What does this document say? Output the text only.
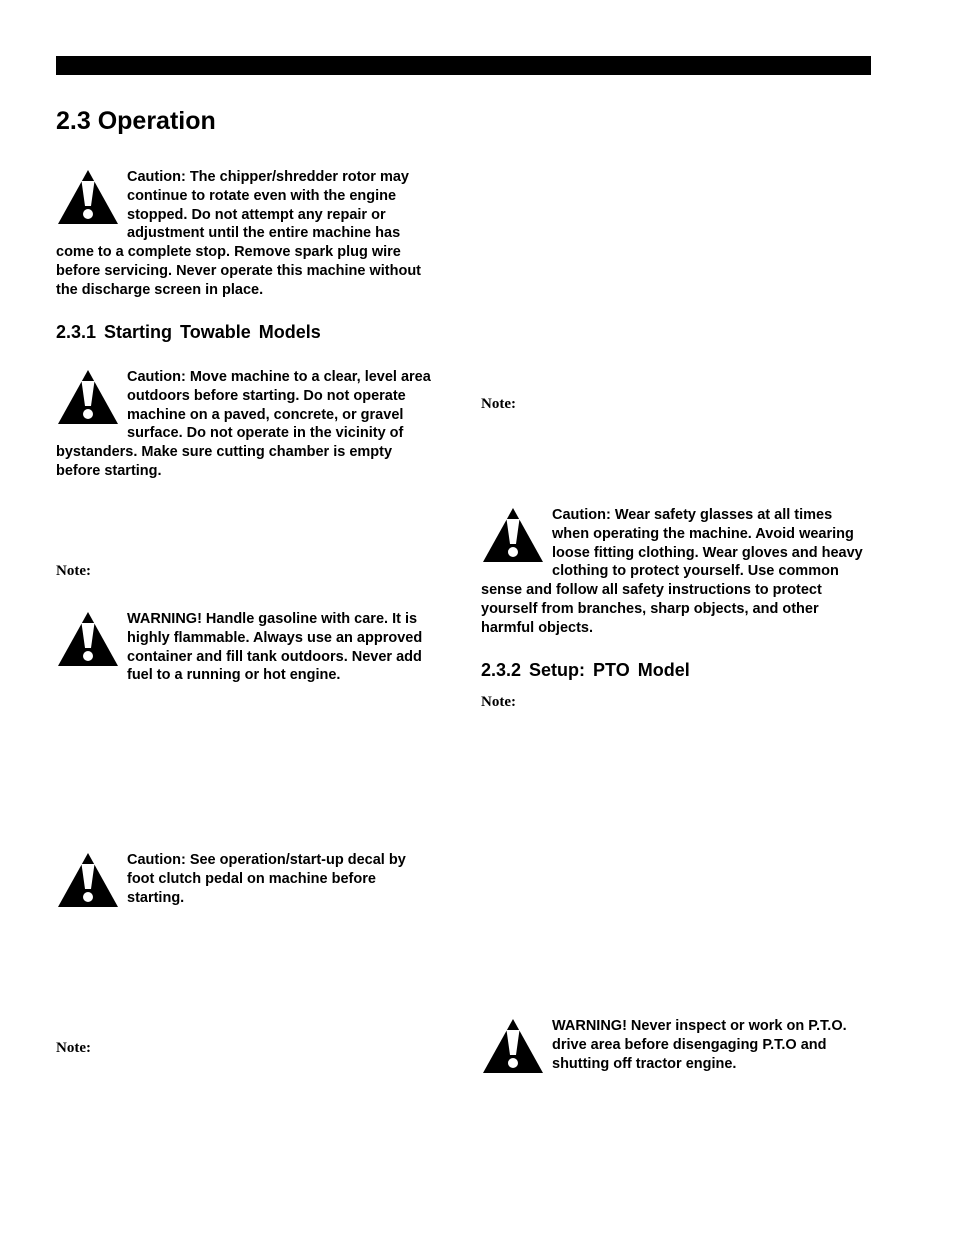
2.3 Operation

Caution: The chipper/shredder rotor may continue to rotate even with the engine stopped. Do not attempt any repair or adjustment until the entire machine has come to a complete stop. Remove spark plug wire before servicing. Never operate this machine without the discharge screen in place.

2.3.1 Starting Towable Models

Caution: Move machine to a clear, level area outdoors before starting. Do not operate machine on a paved, concrete, or gravel surface. Do not operate in the vicinity of bystanders. Make sure cutting chamber is empty before starting.

Note:

WARNING! Handle gasoline with care. It is highly flammable. Always use an approved container and fill tank outdoors. Never add fuel to a running or hot engine.

Caution: See operation/start-up decal by foot clutch pedal on machine before starting.

Note:
Note:

Caution: Wear safety glasses at all times when operating the machine. Avoid wearing loose fitting clothing. Wear gloves and heavy clothing to protect yourself. Use common sense and follow all safety instructions to protect yourself from branches, sharp objects, and other harmful objects.

2.3.2 Setup: PTO Model
Note:

WARNING! Never inspect or work on P.T.O. drive area before disengaging P.T.O and shutting off tractor engine.
